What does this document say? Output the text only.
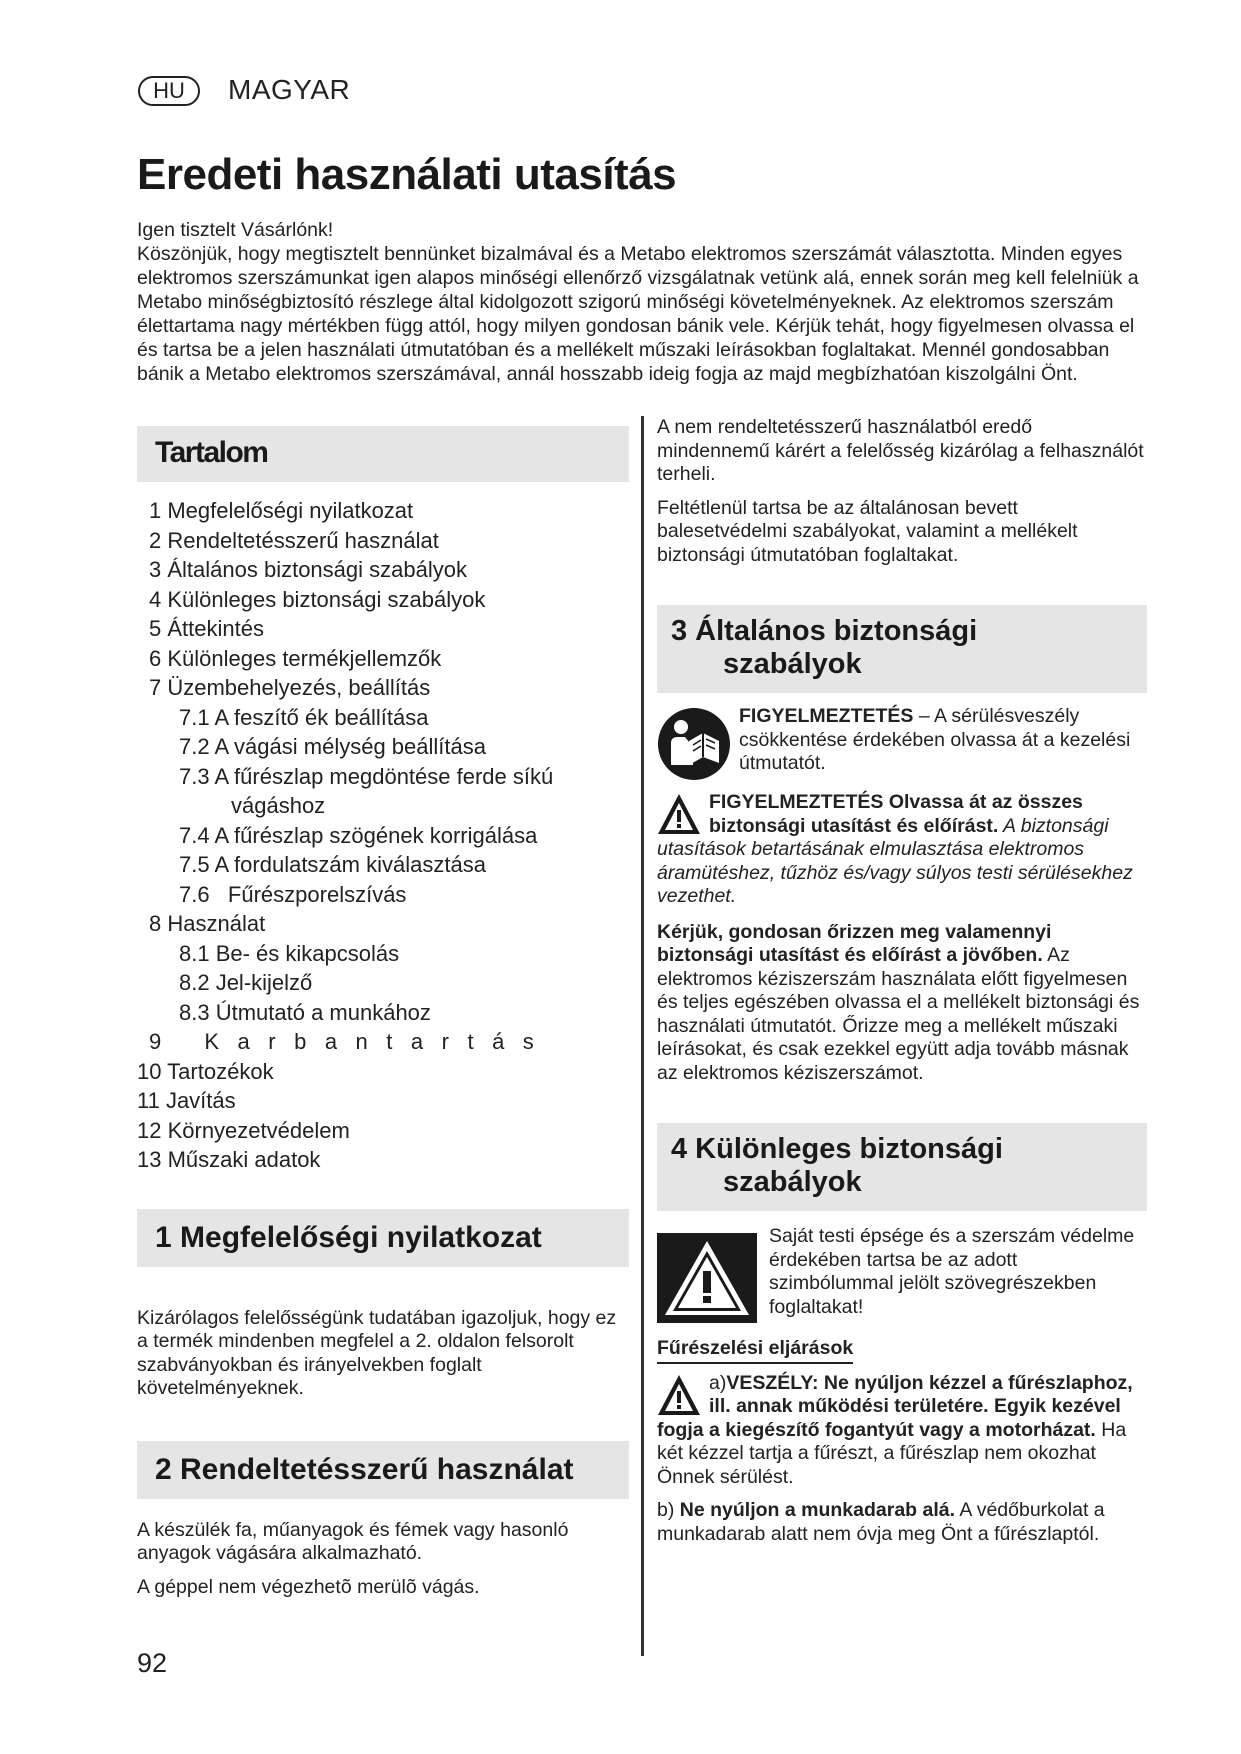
HU MAGYAR
Eredeti használati utasítás

Igen tisztelt Vásárlónk!

Köszönjük, hogy megtisztelt bennünket bizalmával és a Metabo elektromos szerszámát választotta. Minden egyes elektromos szerszámunkat igen alapos minőségi ellenőrző vizsgálatnak vetünk alá, ennek során meg kell felelniük a Metabo minőségbiztosító részlege által kidolgozott szigorú minőségi követelményeknek. Az elektromos szerszám élettartama nagy mértékben függ attól, hogy milyen gondosan bánik vele. Kérjük tehát, hogy figyelmesen olvassa el és tartsa be a jelen használati útmutatóban és a mellékelt műszaki leírásokban foglaltakat. Mennél gondosabban bánik a Metabo elektromos szerszámával, annál hosszabb ideig fogja az majd megbízhatóan kiszolgálni Önt.

Tartalom
1 Megfelelőségi nyilatkozat
2 Rendeltetésszerű használat
3 Általános biztonsági szabályok
4 Különleges biztonsági szabályok
5 Áttekintés
6 Különleges termékjellemzők
7 Üzembehelyezés, beállítás
7.1 A feszítő ék beállítása
7.2 A vágási mélység beállítása
7.3 A fűrészlap megdöntése ferde síkú
vágáshoz
7.4 A fűrészlap szögének korrigálása
7.5 A fordulatszám kiválasztása
7.6   Fűrészporelszívás
8 Használat
8.1 Be- és kikapcsolás
8.2 Jel-kijelző
8.3 Útmutató a munkához
9 Karbantartás
10 Tartozékok
11 Javítás
12 Környezetvédelem
13 Műszaki adatok
1 Megfelelőségi nyilatkozat

Kizárólagos felelősségünk tudatában igazoljuk, hogy ez a termék mindenben megfelel a 2. oldalon felsorolt szabványokban és irányelvekben foglalt követelményeknek.

2 Rendeltetésszerű használat

A készülék fa, műanyagok és fémek vagy hasonló anyagok vágására alkalmazható.

A géppel nem végezhetõ merülõ vágás.

A nem rendeltetésszerű használatból eredő mindennemű kárért a felelősség kizárólag a felhasználót terheli.

Feltétlenül tartsa be az általánosan bevett balesetvédelmi szabályokat, valamint a mellékelt biztonsági útmutatóban foglaltakat.

3 Általános biztonsági
szabályok

FIGYELMEZTETÉS – A sérülésveszély csökkentése érdekében olvassa át a kezelési útmutatót.

FIGYELMEZTETÉS Olvassa át az összes biztonsági utasítást és előírást. A biztonsági utasítások betartásának elmulasztása elektromos áramütéshez, tűzhöz és/vagy súlyos testi sérülésekhez vezethet.

Kérjük, gondosan őrizzen meg valamennyi biztonsági utasítást és előírást a jövőben. Az elektromos kéziszerszám használata előtt figyelmesen és teljes egészében olvassa el a mellékelt biztonsági és használati útmutatót. Őrizze meg a mellékelt műszaki leírásokat, és csak ezekkel együtt adja tovább másnak az elektromos kéziszerszámot.

4 Különleges biztonsági
szabályok

Saját testi épsége és a szerszám védelme érdekében tartsa be az adott szimbólummal jelölt szövegrészekben foglaltakat!

Fűrészelési eljárások

a)VESZÉLY: Ne nyúljon kézzel a fűrészlaphoz, ill. annak működési területére. Egyik kezével fogja a kiegészítő fogantyút vagy a motorházat. Ha két kézzel tartja a fűrészt, a fűrészlap nem okozhat Önnek sérülést.

b) Ne nyúljon a munkadarab alá. A védőburkolat a munkadarab alatt nem óvja meg Önt a fűrészlaptól.

92
